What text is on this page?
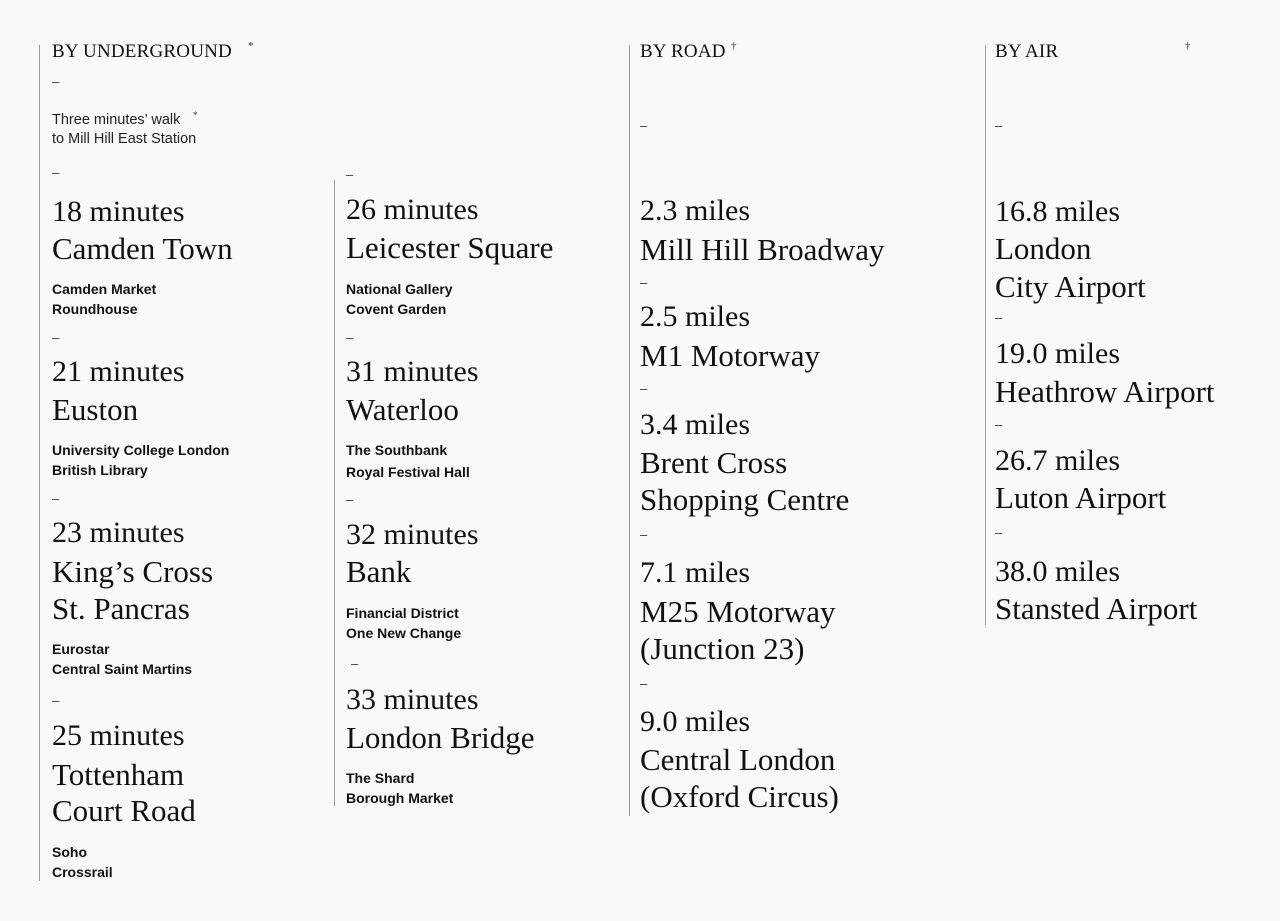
BY UNDERGROUND *
–
Three minutes’ walk *
to Mill Hill East Station
–
18 minutes
Camden Town
Camden Market
Roundhouse
–
21 minutes
Euston
University College London
British Library
–
23 minutes
King’s Cross
St. Pancras
Eurostar
Central Saint Martins
–
25 minutes
Tottenham
Court Road
Soho
Crossrail
–
26 minutes
Leicester Square
National Gallery
Covent Garden
–
31 minutes
Waterloo
The Southbank
Royal Festival Hall
–
32 minutes
Bank
Financial District
One New Change
–
33 minutes
London Bridge
The Shard
Borough Market
BY ROAD †
–
2.3 miles
Mill Hill Broadway
–
2.5 miles
M1 Motorway
–
3.4 miles
Brent Cross
Shopping Centre
–
7.1 miles
M25 Motorway
(Junction 23)
–
9.0 miles
Central London
(Oxford Circus)
BY AIR	†
–
16.8 miles
London
City Airport
–
19.0 miles
Heathrow Airport
–
26.7 miles
Luton Airport
–
38.0 miles
Stansted Airport
